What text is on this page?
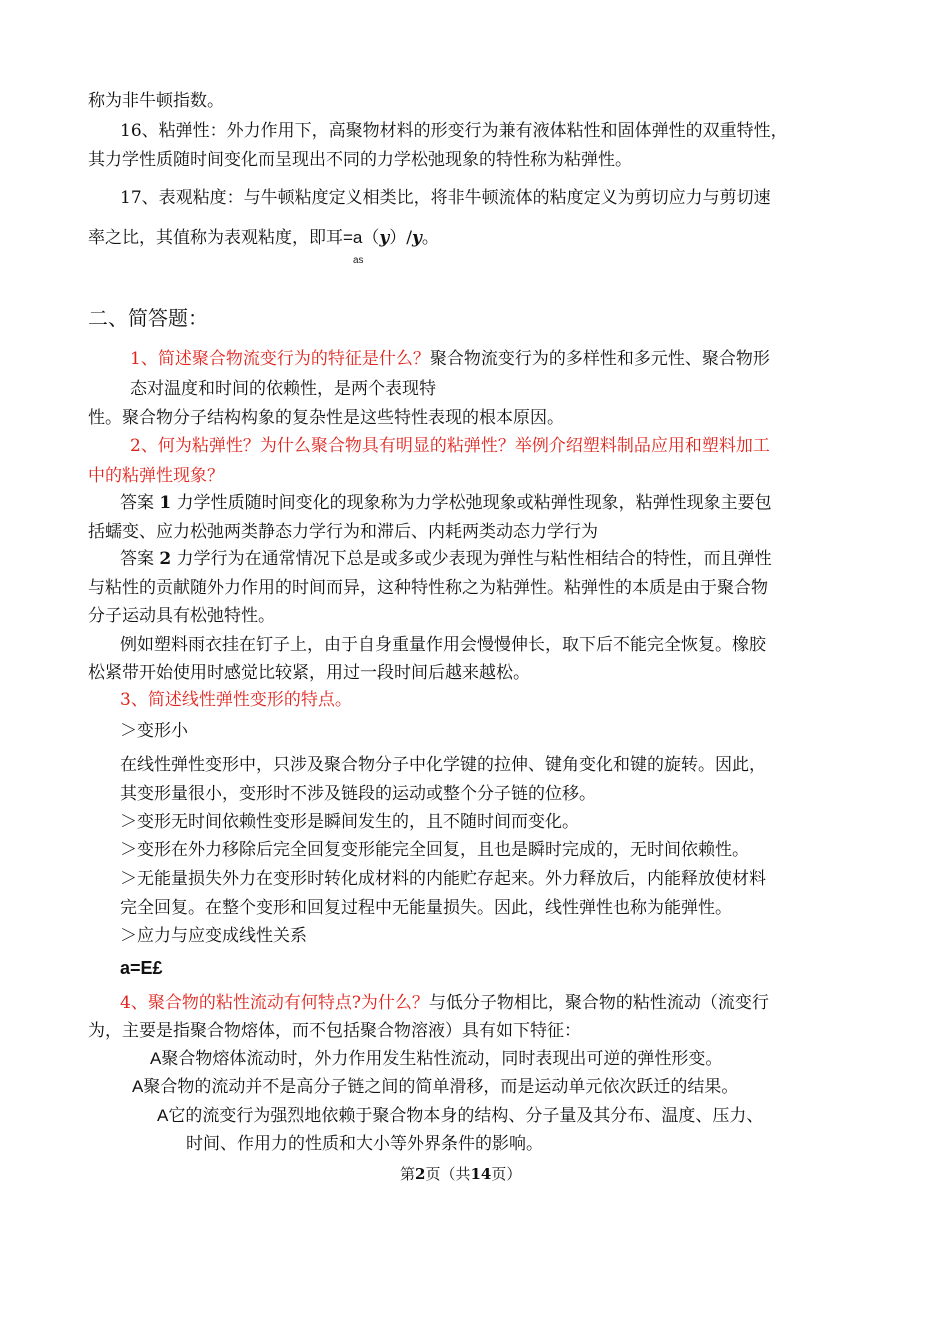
称为非牛顿指数。
16、粘弹性：外力作用下，高聚物材料的形变行为兼有液体粘性和固体弹性的双重特性，
其力学性质随时间变化而呈现出不同的力学松弛现象的特性称为粘弹性。
17、表观粘度：与牛顿粘度定义相类比，将非牛顿流体的粘度定义为剪切应力与剪切速
率之比，其值称为表观粘度，即耳=a（y）/y。
as
二、简答题：
1、简述聚合物流变行为的特征是什么？聚合物流变行为的多样性和多元性、聚合物形
态对温度和时间的依赖性，是两个表现特
性。聚合物分子结构构象的复杂性是这些特性表现的根本原因。
2、何为粘弹性？为什么聚合物具有明显的粘弹性？举例介绍塑料制品应用和塑料加工
中的粘弹性现象？
答案 1 力学性质随时间变化的现象称为力学松弛现象或粘弹性现象，粘弹性现象主要包
括蠕变、应力松弛两类静态力学行为和滞后、内耗两类动态力学行为
答案 2 力学行为在通常情况下总是或多或少表现为弹性与粘性相结合的特性，而且弹性
与粘性的贡献随外力作用的时间而异，这种特性称之为粘弹性。粘弹性的本质是由于聚合物
分子运动具有松弛特性。
例如塑料雨衣挂在钉子上，由于自身重量作用会慢慢伸长，取下后不能完全恢复。橡胶
松紧带开始使用时感觉比较紧，用过一段时间后越来越松。
3、简述线性弹性变形的特点。
＞变形小
在线性弹性变形中，只涉及聚合物分子中化学键的拉伸、键角变化和键的旋转。因此，
其变形量很小，变形时不涉及链段的运动或整个分子链的位移。
＞变形无时间依赖性变形是瞬间发生的，且不随时间而变化。
＞变形在外力移除后完全回复变形能完全回复，且也是瞬时完成的，无时间依赖性。
＞无能量损失外力在变形时转化成材料的内能贮存起来。外力释放后，内能释放使材料
完全回复。在整个变形和回复过程中无能量损失。因此，线性弹性也称为能弹性。
＞应力与应变成线性关系
a=E£
4、聚合物的粘性流动有何特点?为什么？与低分子物相比，聚合物的粘性流动（流变行
为，主要是指聚合物熔体，而不包括聚合物溶液）具有如下特征：
A聚合物熔体流动时，外力作用发生粘性流动，同时表现出可逆的弹性形变。
A聚合物的流动并不是高分子链之间的简单滑移，而是运动单元依次跃迁的结果。
A它的流变行为强烈地依赖于聚合物本身的结构、分子量及其分布、温度、压力、
时间、作用力的性质和大小等外界条件的影响。
第2页（共14页）
